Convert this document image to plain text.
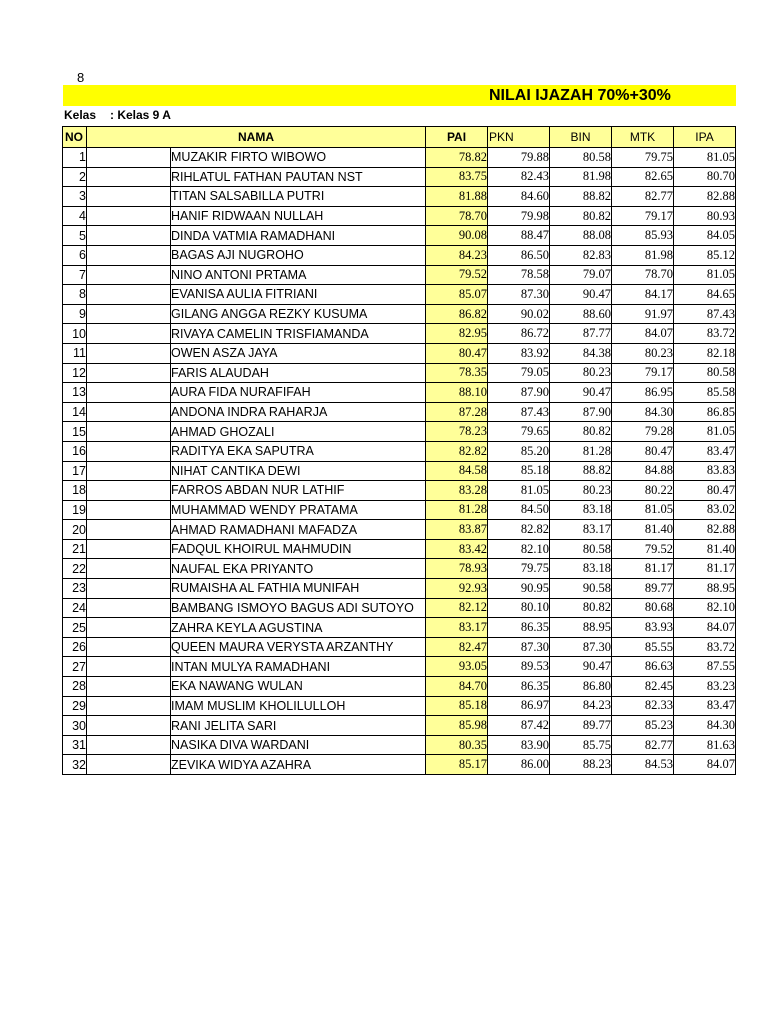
8
NILAI IJAZAH 70%+30%
Kelas : Kelas 9 A
NO	NAMA		PAI	PKN	BIN	MTK	IPA
1		MUZAKIR FIRTO WIBOWO	78.82	79.88	80.58	79.75	81.05
2		RIHLATUL FATHAN PAUTAN NST	83.75	82.43	81.98	82.65	80.70
3		TITAN SALSABILLA PUTRI	81.88	84.60	88.82	82.77	82.88
4		HANIF RIDWAAN NULLAH	78.70	79.98	80.82	79.17	80.93
5		DINDA VATMIA RAMADHANI	90.08	88.47	88.08	85.93	84.05
6		BAGAS AJI NUGROHO	84.23	86.50	82.83	81.98	85.12
7		NINO ANTONI PRTAMA	79.52	78.58	79.07	78.70	81.05
8		EVANISA AULIA FITRIANI	85.07	87.30	90.47	84.17	84.65
9		GILANG ANGGA REZKY KUSUMA	86.82	90.02	88.60	91.97	87.43
10		RIVAYA CAMELIN TRISFIAMANDA	82.95	86.72	87.77	84.07	83.72
11		OWEN ASZA JAYA	80.47	83.92	84.38	80.23	82.18
12		FARIS ALAUDAH	78.35	79.05	80.23	79.17	80.58
13		AURA FIDA NURAFIFAH	88.10	87.90	90.47	86.95	85.58
14		ANDONA INDRA RAHARJA	87.28	87.43	87.90	84.30	86.85
15		AHMAD GHOZALI	78.23	79.65	80.82	79.28	81.05
16		RADITYA EKA SAPUTRA	82.82	85.20	81.28	80.47	83.47
17		NIHAT CANTIKA DEWI	84.58	85.18	88.82	84.88	83.83
18		FARROS ABDAN NUR LATHIF	83.28	81.05	80.23	80.22	80.47
19		MUHAMMAD WENDY PRATAMA	81.28	84.50	83.18	81.05	83.02
20		AHMAD RAMADHANI MAFADZA	83.87	82.82	83.17	81.40	82.88
21		FADQUL KHOIRUL MAHMUDIN	83.42	82.10	80.58	79.52	81.40
22		NAUFAL EKA PRIYANTO	78.93	79.75	83.18	81.17	81.17
23		RUMAISHA AL FATHIA MUNIFAH	92.93	90.95	90.58	89.77	88.95
24		BAMBANG ISMOYO BAGUS ADI SUTOYO	82.12	80.10	80.82	80.68	82.10
25		ZAHRA KEYLA AGUSTINA	83.17	86.35	88.95	83.93	84.07
26		QUEEN MAURA VERYSTA ARZANTHY	82.47	87.30	87.30	85.55	83.72
27		INTAN MULYA RAMADHANI	93.05	89.53	90.47	86.63	87.55
28		EKA NAWANG WULAN	84.70	86.35	86.80	82.45	83.23
29		IMAM MUSLIM KHOLILULLOH	85.18	86.97	84.23	82.33	83.47
30		RANI JELITA SARI	85.98	87.42	89.77	85.23	84.30
31		NASIKA DIVA WARDANI	80.35	83.90	85.75	82.77	81.63
32		ZEVIKA WIDYA AZAHRA	85.17	86.00	88.23	84.53	84.07
